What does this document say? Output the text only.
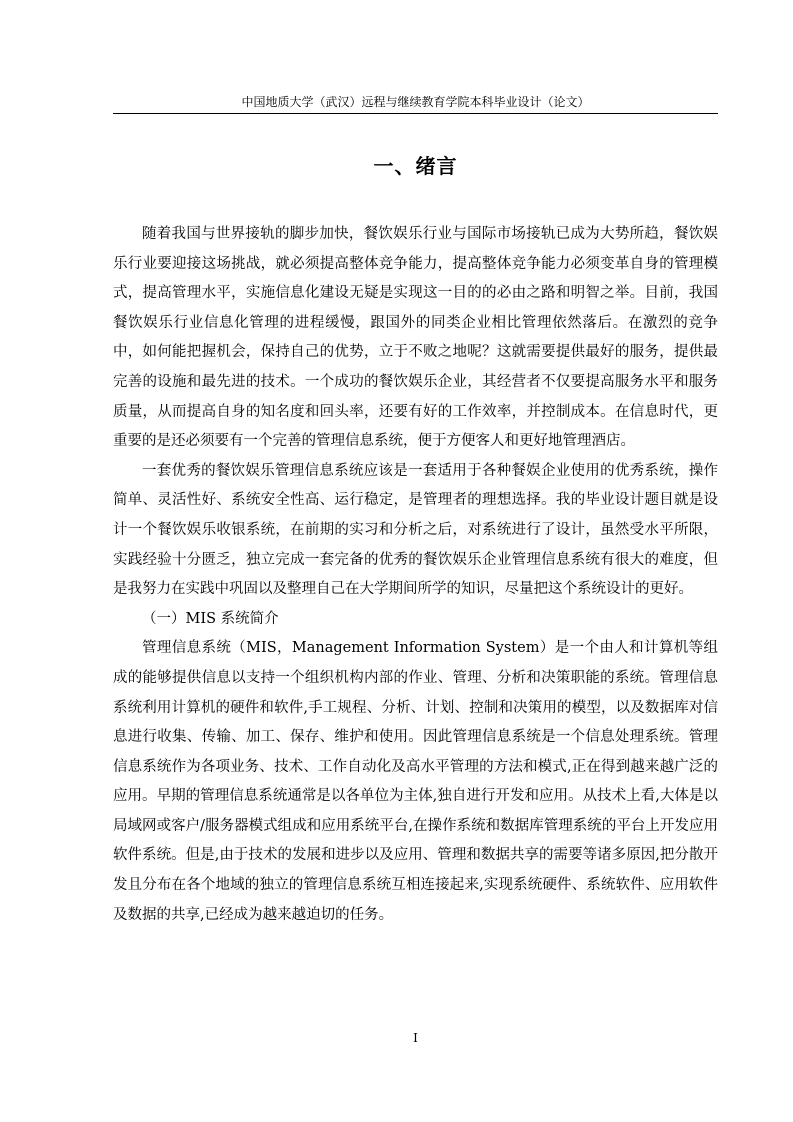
中国地质大学（武汉）远程与继续教育学院本科毕业设计（论文）
一、绪言

随着我国与世界接轨的脚步加快，餐饮娱乐行业与国际市场接轨已成为大势所趋，餐饮娱乐行业要迎接这场挑战，就必须提高整体竞争能力，提高整体竞争能力必须变革自身的管理模式，提高管理水平，实施信息化建设无疑是实现这一目的的必由之路和明智之举。目前，我国餐饮娱乐行业信息化管理的进程缓慢，跟国外的同类企业相比管理依然落后。在激烈的竞争中，如何能把握机会，保持自己的优势，立于不败之地呢？这就需要提供最好的服务，提供最完善的设施和最先进的技术。一个成功的餐饮娱乐企业，其经营者不仅要提高服务水平和服务质量，从而提高自身的知名度和回头率，还要有好的工作效率，并控制成本。在信息时代，更重要的是还必须要有一个完善的管理信息系统，便于方便客人和更好地管理酒店。

一套优秀的餐饮娱乐管理信息系统应该是一套适用于各种餐娱企业使用的优秀系统，操作简单、灵活性好、系统安全性高、运行稳定，是管理者的理想选择。我的毕业设计题目就是设计一个餐饮娱乐收银系统，在前期的实习和分析之后，对系统进行了设计，虽然受水平所限，实践经验十分匮乏，独立完成一套完备的优秀的餐饮娱乐企业管理信息系统有很大的难度，但是我努力在实践中巩固以及整理自己在大学期间所学的知识，尽量把这个系统设计的更好。

（一）MIS 系统简介

管理信息系统（MIS，Management Information System）是一个由人和计算机等组成的能够提供信息以支持一个组织机构内部的作业、管理、分析和决策职能的系统。管理信息系统利用计算机的硬件和软件,手工规程、分析、计划、控制和决策用的模型，以及数据库对信息进行收集、传输、加工、保存、维护和使用。因此管理信息系统是一个信息处理系统。管理信息系统作为各项业务、技术、工作自动化及高水平管理的方法和模式,正在得到越来越广泛的应用。早期的管理信息系统通常是以各单位为主体,独自进行开发和应用。从技术上看,大体是以局域网或客户/服务器模式组成和应用系统平台,在操作系统和数据库管理系统的平台上开发应用软件系统。但是,由于技术的发展和进步以及应用、管理和数据共享的需要等诸多原因,把分散开发且分布在各个地域的独立的管理信息系统互相连接起来,实现系统硬件、系统软件、应用软件及数据的共享,已经成为越来越迫切的任务。

I
